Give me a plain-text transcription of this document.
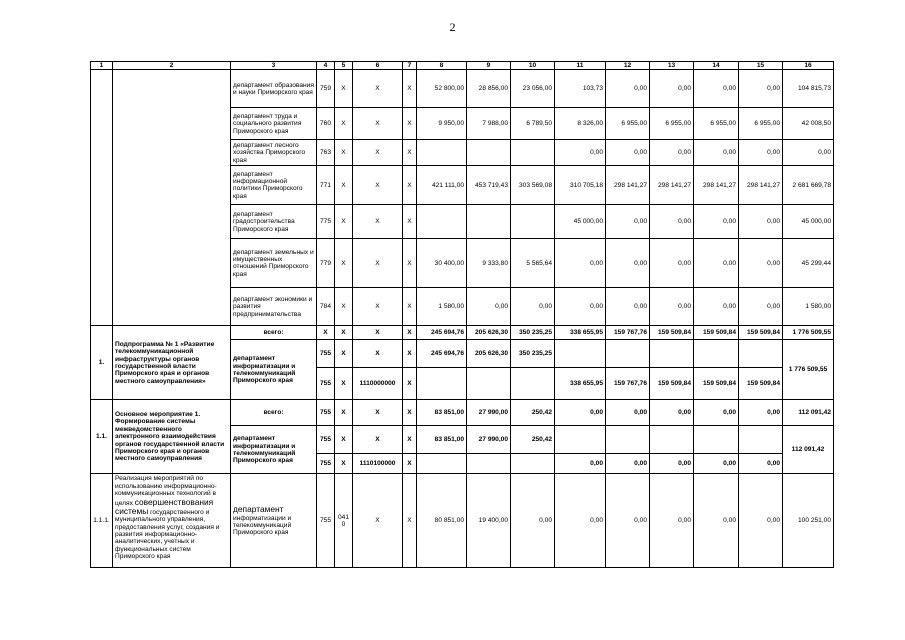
2
1	2	3	4	5	6	7	8	9	10	11	12	13	14	15	16
		департамент образования и науки Приморского края	759	X	X	X	52 800,00	28 856,00	23 056,00	103,73	0,00	0,00	0,00	0,00	104 815,73
		департамент труда и социального развития Приморского края	760	X	X	X	9 950,00	7 988,00	6 789,50	8 326,00	6 955,00	6 955,00	6 955,00	6 955,00	42 008,50
		департамент лесного хозяйства Приморского края	763	X	X	X				0,00	0,00	0,00	0,00	0,00	0,00
		департамент информационной политики Приморского края	771	X	X	X	421 111,00	453 719,43	303 569,08	310 705,18	298 141,27	298 141,27	298 141,27	298 141,27	2 681 669,78
		департамент градостроительства Приморского края	775	X	X	X				45 000,00	0,00	0,00	0,00	0,00	45 000,00
		департамент земельных и имущественных отношений Приморского края	779	X	X	X	30 400,00	9 333,80	5 565,64	0,00	0,00	0,00	0,00	0,00	45 299,44
		департамент экономики и развития предпринимательства	784	X	X	X	1 580,00	0,00	0,00	0,00	0,00	0,00	0,00	0,00	1 580,00
1.	Подпрограмма № 1 «Развитие телекоммуникационной инфраструктуры органов государственной власти Приморского края и органов местного самоуправления»	всего:	X	X	X	X	245 694,76	205 626,30	350 235,25	338 655,95	159 767,76	159 509,84	159 509,84	159 509,84	1 776 509,55
		департамент информатизации и телекоммуникаций Приморского края	755	X	X	X	245 694,76	205 626,30	350 235,25						1 776 509,55
			755	X	1110000000	X				338 655,95	159 767,76	159 509,84	159 509,84	159 509,84	
1.1.	Основное мероприятие 1. Формирование системы межведомственного электронного взаимодействия органов государственной власти Приморского края и органов местного самоуправления	всего:	755	X	X	X	83 851,00	27 990,00	250,42	0,00	0,00	0,00	0,00	0,00	112 091,42
		департамент информатизации и телекоммуникаций Приморского края	755	X	X	X	83 851,00	27 990,00	250,42						112 091,42
			755	X	1110100000	X				0,00	0,00	0,00	0,00	0,00	
1.1.1.	Реализация мероприятий по использованию информационно-коммуникационных технологий в целях совершенствования системы государственного и муниципального управления, предоставления услуг, создания и развития информационно-аналитических, учетных и функциональных систем Приморского края	департамент информатизации и телекоммуникаций Приморского края	755	0410	X	X	80 851,00	19 400,00	0,00	0,00	0,00	0,00	0,00	0,00	100 251,00
